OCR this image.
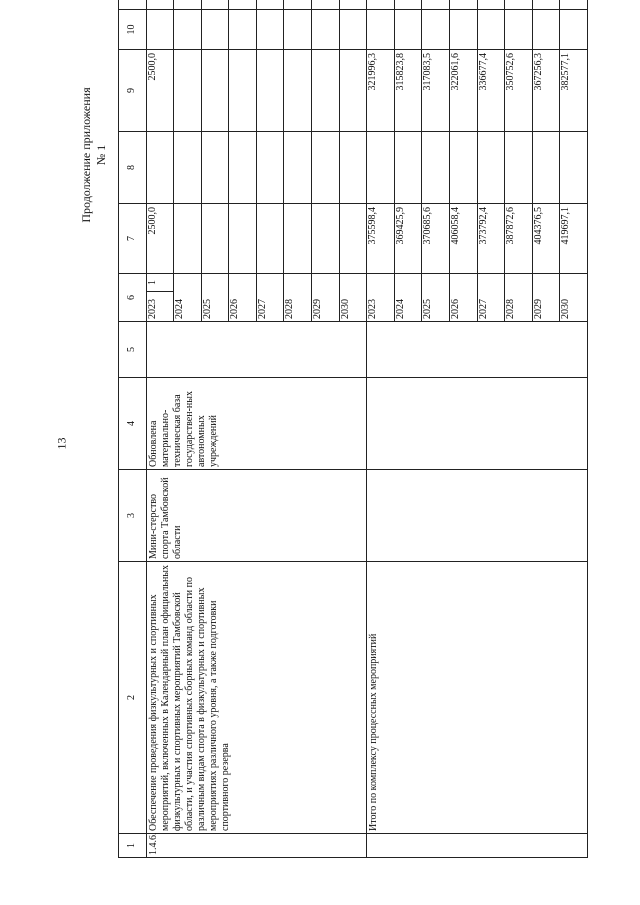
13
Продолжение приложения № 1
1	2	3	4	5	6		7	8	9	10	
1.4.6.	Обеспечение проведения физкультурных и спортивных мероприятий, включенных в Календарный план официальных физкультурных и спортивных мероприятий Тамбовской области, и участия спортивных сборных команд области по различным видам спорта в физкультурных и спортивных мероприятиях различного уровня, а также подготовки спортивного резерва	Мини-стерство спорта Тамбовской области	Обновлена материально-техническая база государствен-ных автономных учреждений		2023	1	2500,0		2500,0		
					2024						
					2025						
					2026						
					2027						
					2028						
					2029						
					2030						
	Итого по комплексу процессных мероприятий				2023		375598,4		321996,3		
					2024		369425,9		315823,8		
					2025		370685,6		317083,5		
					2026		406058,4		322061,6		
					2027		373792,4		336677,4		
					2028		387872,6		350752,6		
					2029		404376,5		367256,3		
					2030		419697,1		382577,1		
